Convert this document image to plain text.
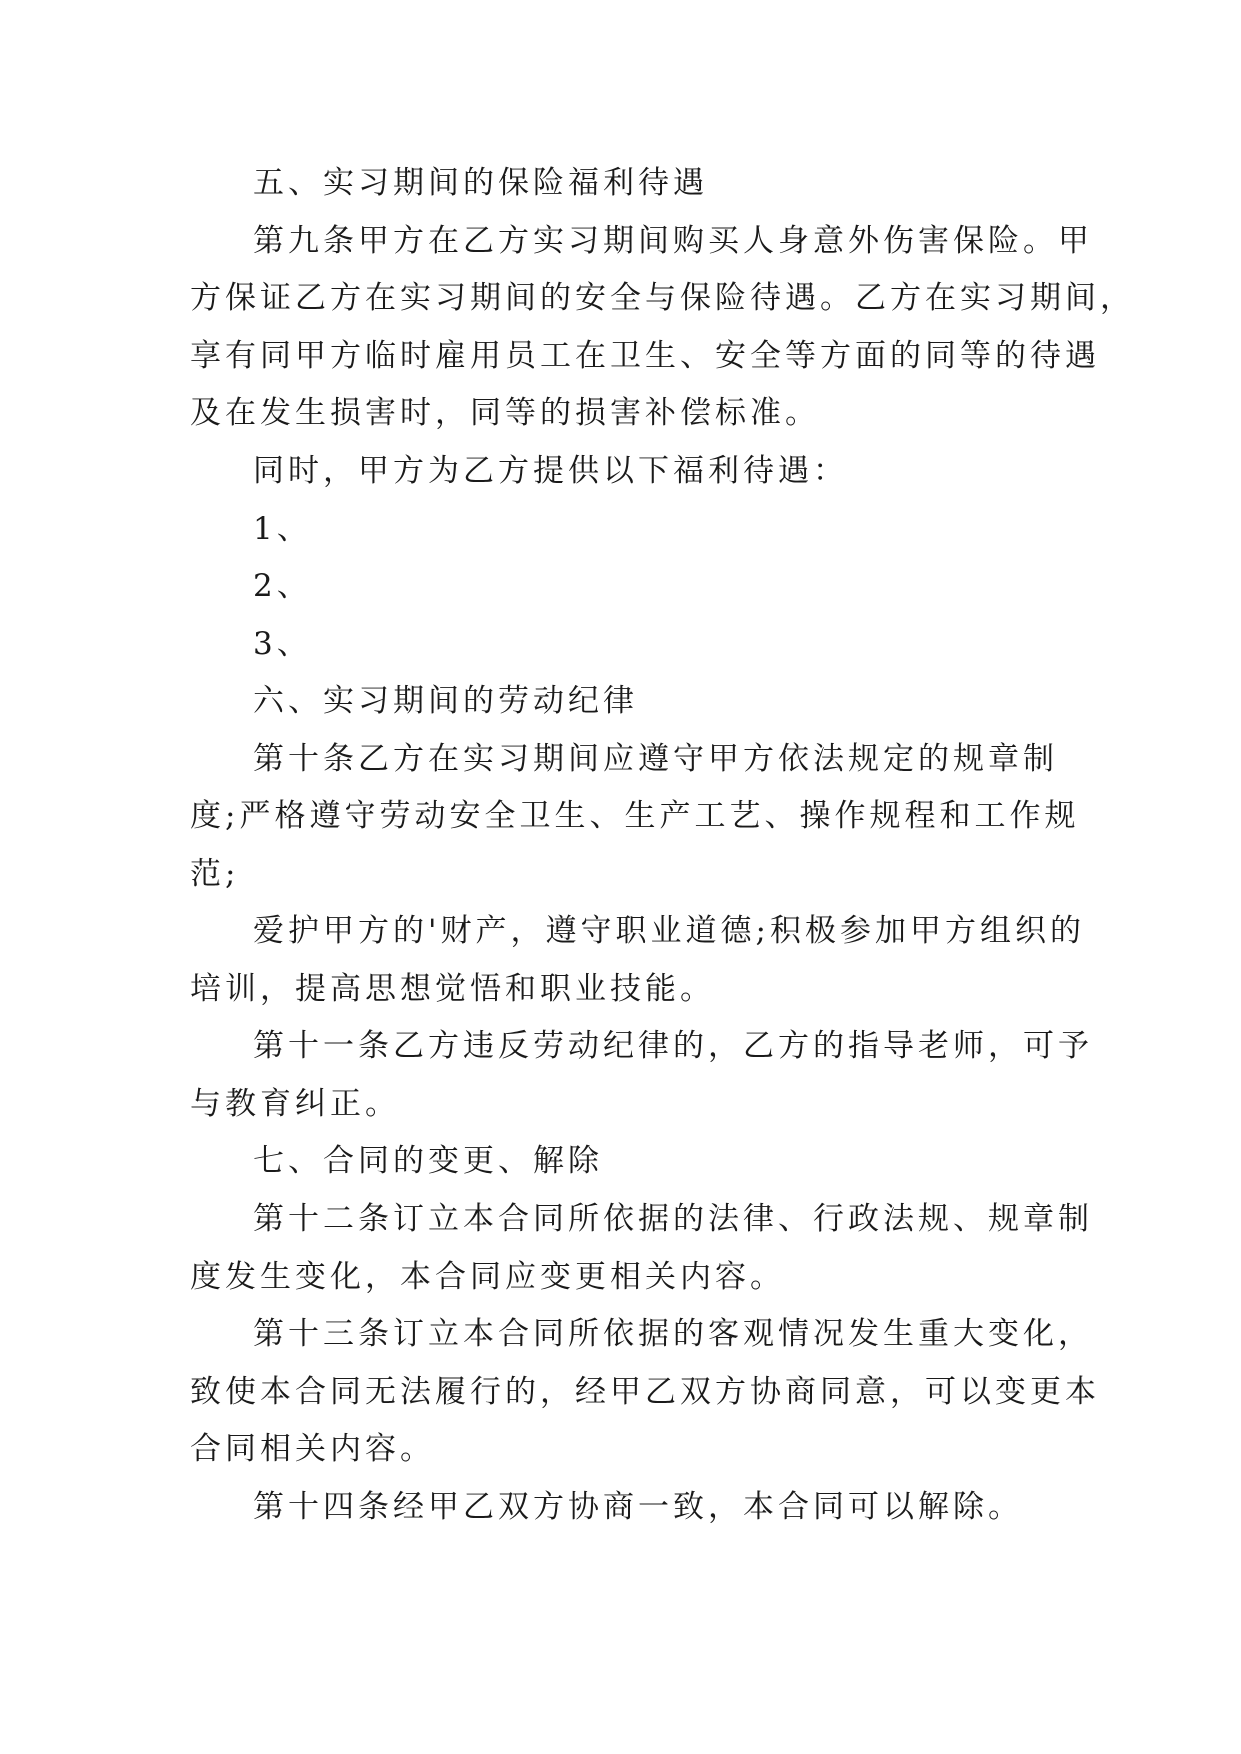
五、实习期间的保险福利待遇
第九条甲方在乙方实习期间购买人身意外伤害保险。甲
方保证乙方在实习期间的安全与保险待遇。乙方在实习期间，
享有同甲方临时雇用员工在卫生、安全等方面的同等的待遇
及在发生损害时，同等的损害补偿标准。
同时，甲方为乙方提供以下福利待遇：
1、
2、
3、
六、实习期间的劳动纪律
第十条乙方在实习期间应遵守甲方依法规定的规章制
度;严格遵守劳动安全卫生、生产工艺、操作规程和工作规
范;
爱护甲方的'财产，遵守职业道德;积极参加甲方组织的
培训，提高思想觉悟和职业技能。
第十一条乙方违反劳动纪律的，乙方的指导老师，可予
与教育纠正。
七、合同的变更、解除
第十二条订立本合同所依据的法律、行政法规、规章制
度发生变化，本合同应变更相关内容。
第十三条订立本合同所依据的客观情况发生重大变化，
致使本合同无法履行的，经甲乙双方协商同意，可以变更本
合同相关内容。
第十四条经甲乙双方协商一致，本合同可以解除。
